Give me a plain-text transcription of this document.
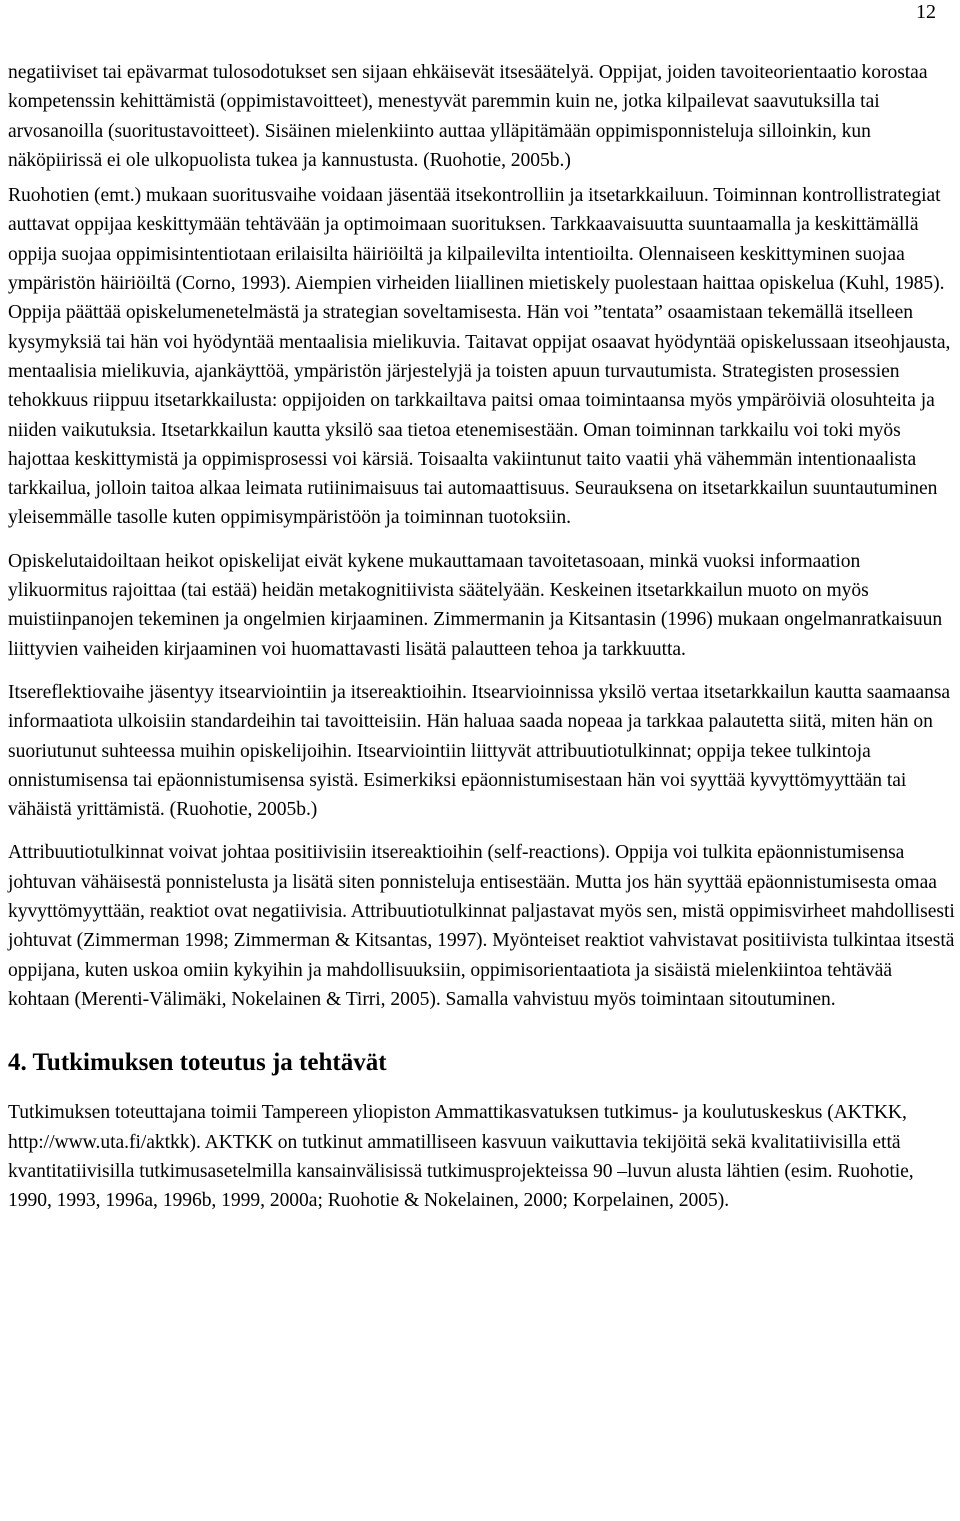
12

negatiiviset tai epävarmat tulosodotukset sen sijaan ehkäisevät itsesäätelyä. Oppijat, joiden tavoiteorientaatio korostaa kompetenssin kehittämistä (oppimistavoitteet), menestyvät paremmin kuin ne, jotka kilpailevat saavutuksilla tai arvosanoilla (suoritustavoitteet). Sisäinen mielenkiinto auttaa ylläpitämään oppimisponnisteluja silloinkin, kun näköpiirissä ei ole ulkopuolista tukea ja kannustusta. (Ruohotie, 2005b.)

Ruohotien (emt.) mukaan suoritusvaihe voidaan jäsentää itsekontrolliin ja itsetarkkailuun. Toiminnan kontrollistrategiat auttavat oppijaa keskittymään tehtävään ja optimoimaan suorituksen. Tarkkaavaisuutta suuntaamalla ja keskittämällä oppija suojaa oppimisintentiotaan erilaisilta häiriöiltä ja kilpailevilta intentioilta. Olennaiseen keskittyminen suojaa ympäristön häiriöiltä (Corno, 1993). Aiempien virheiden liiallinen mietiskely puolestaan haittaa opiskelua (Kuhl, 1985). Oppija päättää opiskelumenetelmästä ja strategian soveltamisesta. Hän voi ”tentata” osaamistaan tekemällä itselleen kysymyksiä tai hän voi hyödyntää mentaalisia mielikuvia. Taitavat oppijat osaavat hyödyntää opiskelussaan itseohjausta, mentaalisia mielikuvia, ajankäyttöä, ympäristön järjestelyjä ja toisten apuun turvautumista. Strategisten prosessien tehokkuus riippuu itsetarkkailusta: oppijoiden on tarkkailtava paitsi omaa toimintaansa myös ympäröiviä olosuhteita ja niiden vaikutuksia. Itsetarkkailun kautta yksilö saa tietoa etenemisestään. Oman toiminnan tarkkailu voi toki myös hajottaa keskittymistä ja oppimisprosessi voi kärsiä. Toisaalta vakiintunut taito vaatii yhä vähemmän intentionaalista tarkkailua, jolloin taitoa alkaa leimata rutiinimaisuus tai automaattisuus. Seurauksena on itsetarkkailun suuntautuminen yleisemmälle tasolle kuten oppimisympäristöön ja toiminnan tuotoksiin.

Opiskelutaidoiltaan heikot opiskelijat eivät kykene mukauttamaan tavoitetasoaan, minkä vuoksi informaation ylikuormitus rajoittaa (tai estää) heidän metakognitiivista säätelyään. Keskeinen itsetarkkailun muoto on myös muistiinpanojen tekeminen ja ongelmien kirjaaminen. Zimmermanin ja Kitsantasin (1996) mukaan ongelmanratkaisuun liittyvien vaiheiden kirjaaminen voi huomattavasti lisätä palautteen tehoa ja tarkkuutta.

Itsereflektiovaihe jäsentyy itsearviointiin ja itsereaktioihin. Itsearvioinnissa yksilö vertaa itsetarkkailun kautta saamaansa informaatiota ulkoisiin standardeihin tai tavoitteisiin. Hän haluaa saada nopeaa ja tarkkaa palautetta siitä, miten hän on suoriutunut suhteessa muihin opiskelijoihin. Itsearviointiin liittyvät attribuutiotulkinnat; oppija tekee tulkintoja onnistumisensa tai epäonnistumisensa syistä. Esimerkiksi epäonnistumisestaan hän voi syyttää kyvyttömyyttään tai vähäistä yrittämistä. (Ruohotie, 2005b.)

Attribuutiotulkinnat voivat johtaa positiivisiin itsereaktioihin (self-reactions). Oppija voi tulkita epäonnistumisensa johtuvan vähäisestä ponnistelusta ja lisätä siten ponnisteluja entisestään. Mutta jos hän syyttää epäonnistumisesta omaa kyvyttömyyttään, reaktiot ovat negatiivisia. Attribuutiotulkinnat paljastavat myös sen, mistä oppimisvirheet mahdollisesti johtuvat (Zimmerman 1998; Zimmerman & Kitsantas, 1997). Myönteiset reaktiot vahvistavat positiivista tulkintaa itsestä oppijana, kuten uskoa omiin kykyihin ja mahdollisuuksiin, oppimisorientaatiota ja sisäistä mielenkiintoa tehtävää kohtaan (Merenti-Välimäki, Nokelainen & Tirri, 2005). Samalla vahvistuu myös toimintaan sitoutuminen.

4. Tutkimuksen toteutus ja tehtävät

Tutkimuksen toteuttajana toimii Tampereen yliopiston Ammattikasvatuksen tutkimus- ja koulutuskeskus (AKTKK, http://www.uta.fi/aktkk). AKTKK on tutkinut ammatilliseen kasvuun vaikuttavia tekijöitä sekä kvalitatiivisilla että kvantitatiivisilla tutkimusasetelmilla kansainvälisissä tutkimusprojekteissa 90 –luvun alusta lähtien (esim. Ruohotie, 1990, 1993, 1996a, 1996b, 1999, 2000a; Ruohotie & Nokelainen, 2000; Korpelainen, 2005).
